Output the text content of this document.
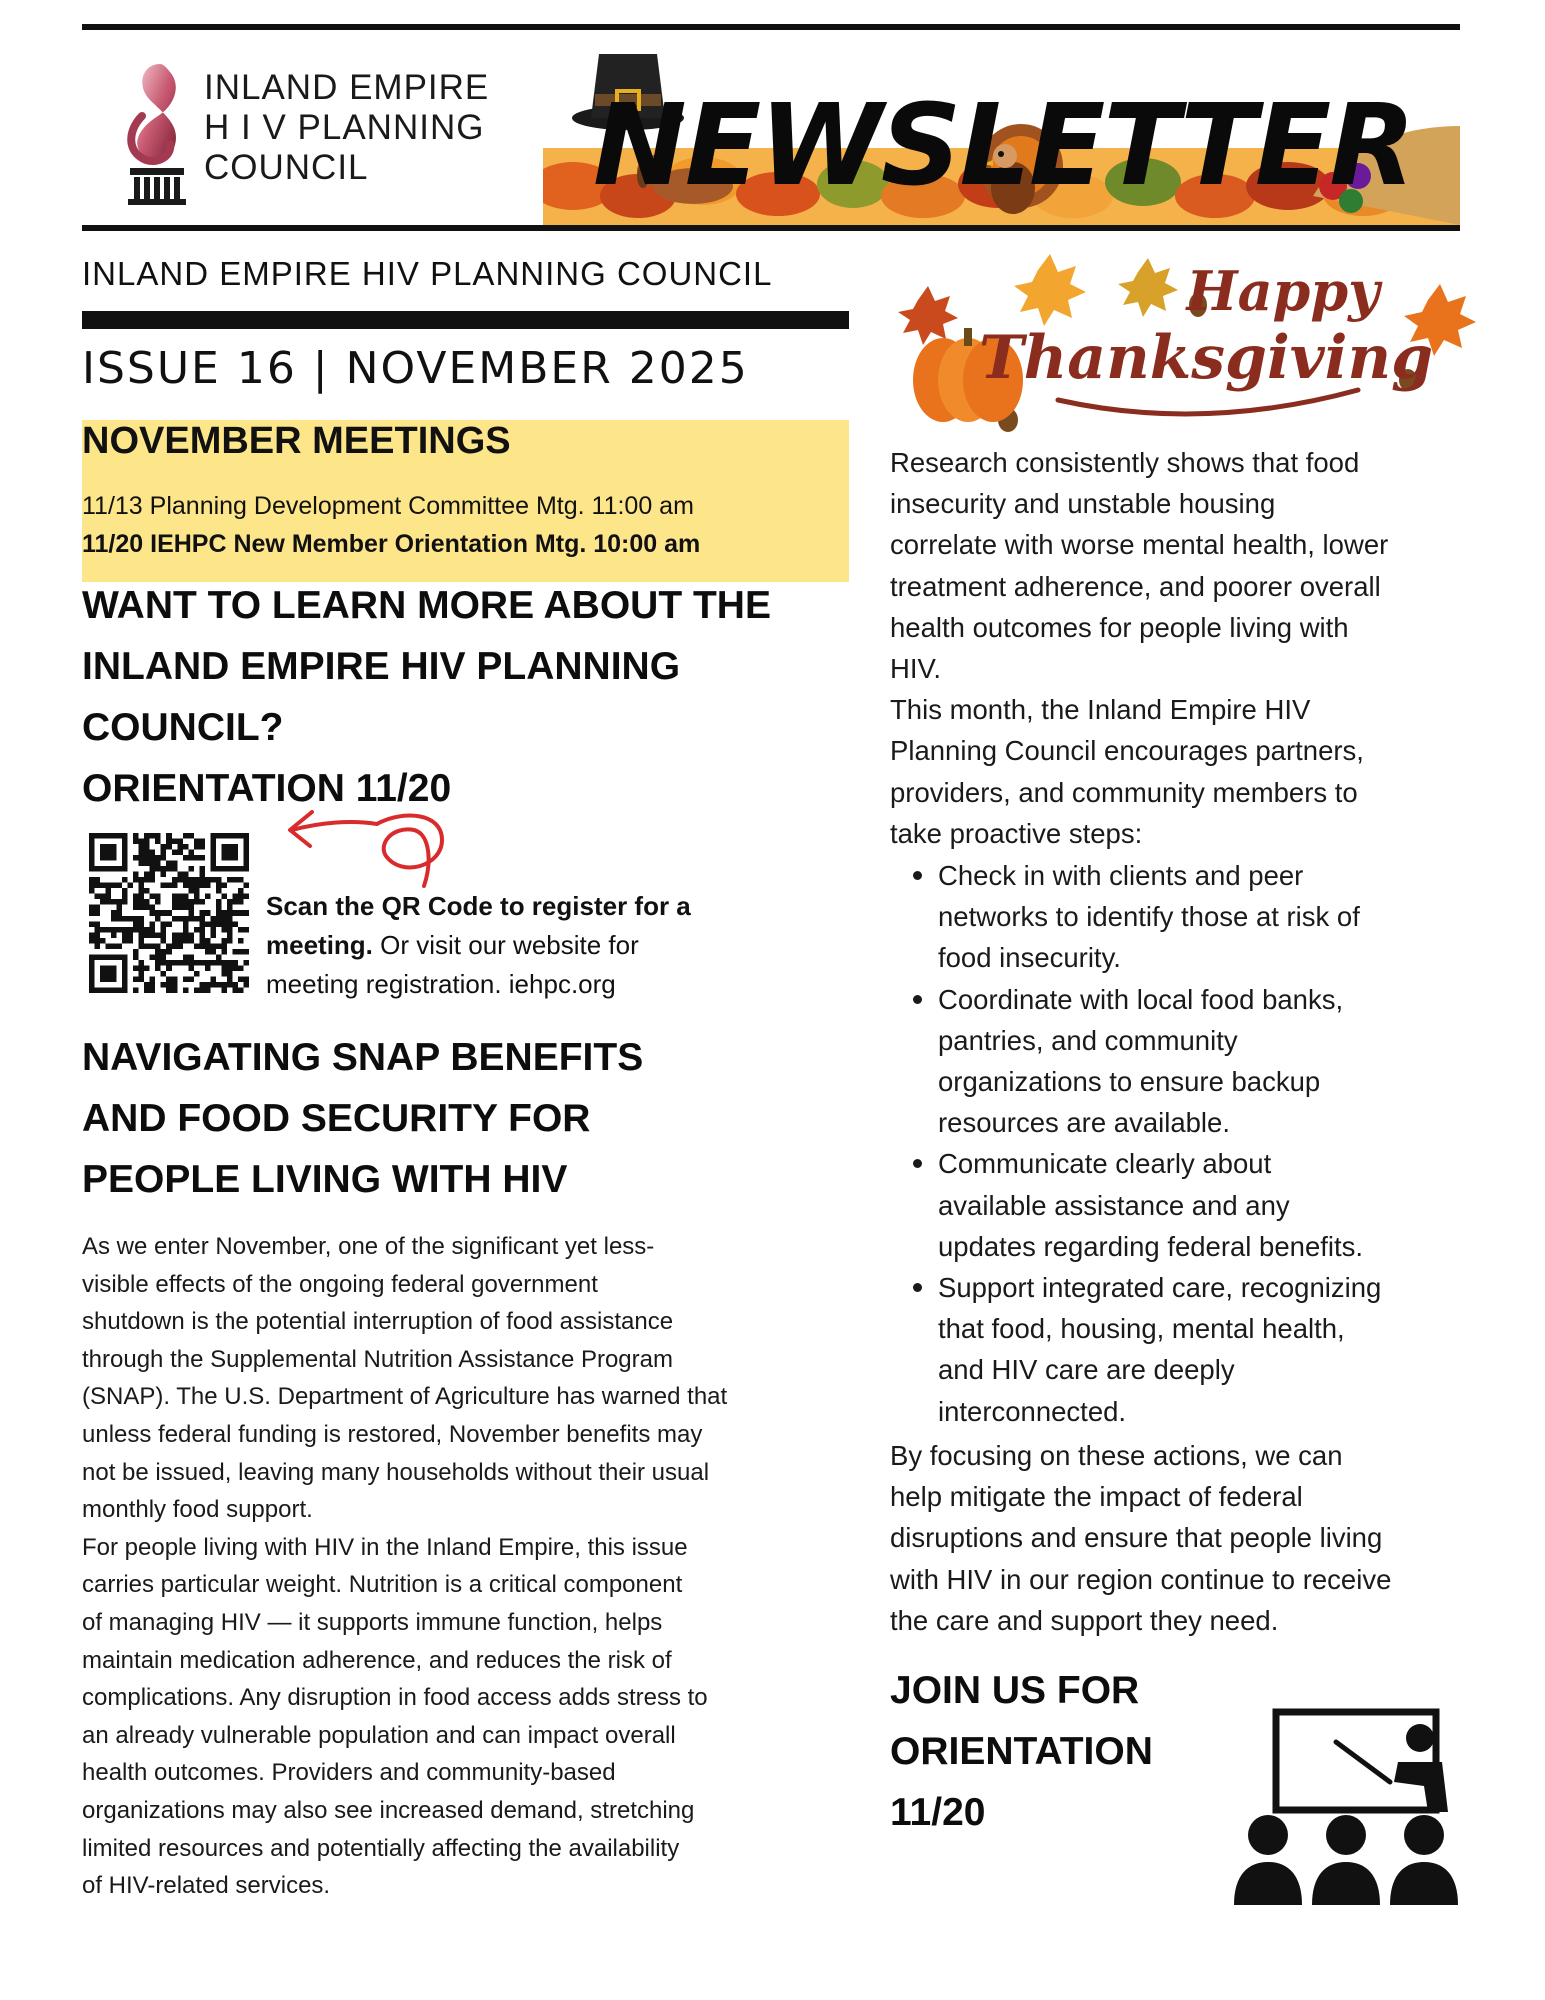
INLAND EMPIRE
H I V PLANNING
COUNCIL	NEWSLETTER
INLAND EMPIRE HIV PLANNING COUNCIL
ISSUE 16 | NOVEMBER 2025
NOVEMBER MEETINGS
11/13 Planning Development Committee Mtg. 11:00 am
11/20 IEHPC New Member Orientation Mtg. 10:00 am
WANT TO LEARN MORE ABOUT THE
INLAND EMPIRE HIV PLANNING
COUNCIL?
ORIENTATION 11/20
Scan the QR Code to register for a
meeting. Or visit our website for
meeting registration. iehpc.org
NAVIGATING SNAP BENEFITS
AND FOOD SECURITY FOR
PEOPLE LIVING WITH HIV
As we enter November, one of the significant yet less-
visible effects of the ongoing federal government
shutdown is the potential interruption of food assistance
through the Supplemental Nutrition Assistance Program
(SNAP). The U.S. Department of Agriculture has warned that
unless federal funding is restored, November benefits may
not be issued, leaving many households without their usual
monthly food support.
For people living with HIV in the Inland Empire, this issue
carries particular weight. Nutrition is a critical component
of managing HIV — it supports immune function, helps
maintain medication adherence, and reduces the risk of
complications. Any disruption in food access adds stress to
an already vulnerable population and can impact overall
health outcomes. Providers and community-based
organizations may also see increased demand, stretching
limited resources and potentially affecting the availability
of HIV-related services.
Happy
Thanksgiving
Research consistently shows that food
insecurity and unstable housing
correlate with worse mental health, lower
treatment adherence, and poorer overall
health outcomes for people living with
HIV.
This month, the Inland Empire HIV
Planning Council encourages partners,
providers, and community members to
take proactive steps:
Check in with clients and peer
networks to identify those at risk of
food insecurity.
Coordinate with local food banks,
pantries, and community
organizations to ensure backup
resources are available.
Communicate clearly about
available assistance and any
updates regarding federal benefits.
Support integrated care, recognizing
that food, housing, mental health,
and HIV care are deeply
interconnected.
By focusing on these actions, we can
help mitigate the impact of federal
disruptions and ensure that people living
with HIV in our region continue to receive
the care and support they need.
JOIN US FOR
ORIENTATION
11/20
